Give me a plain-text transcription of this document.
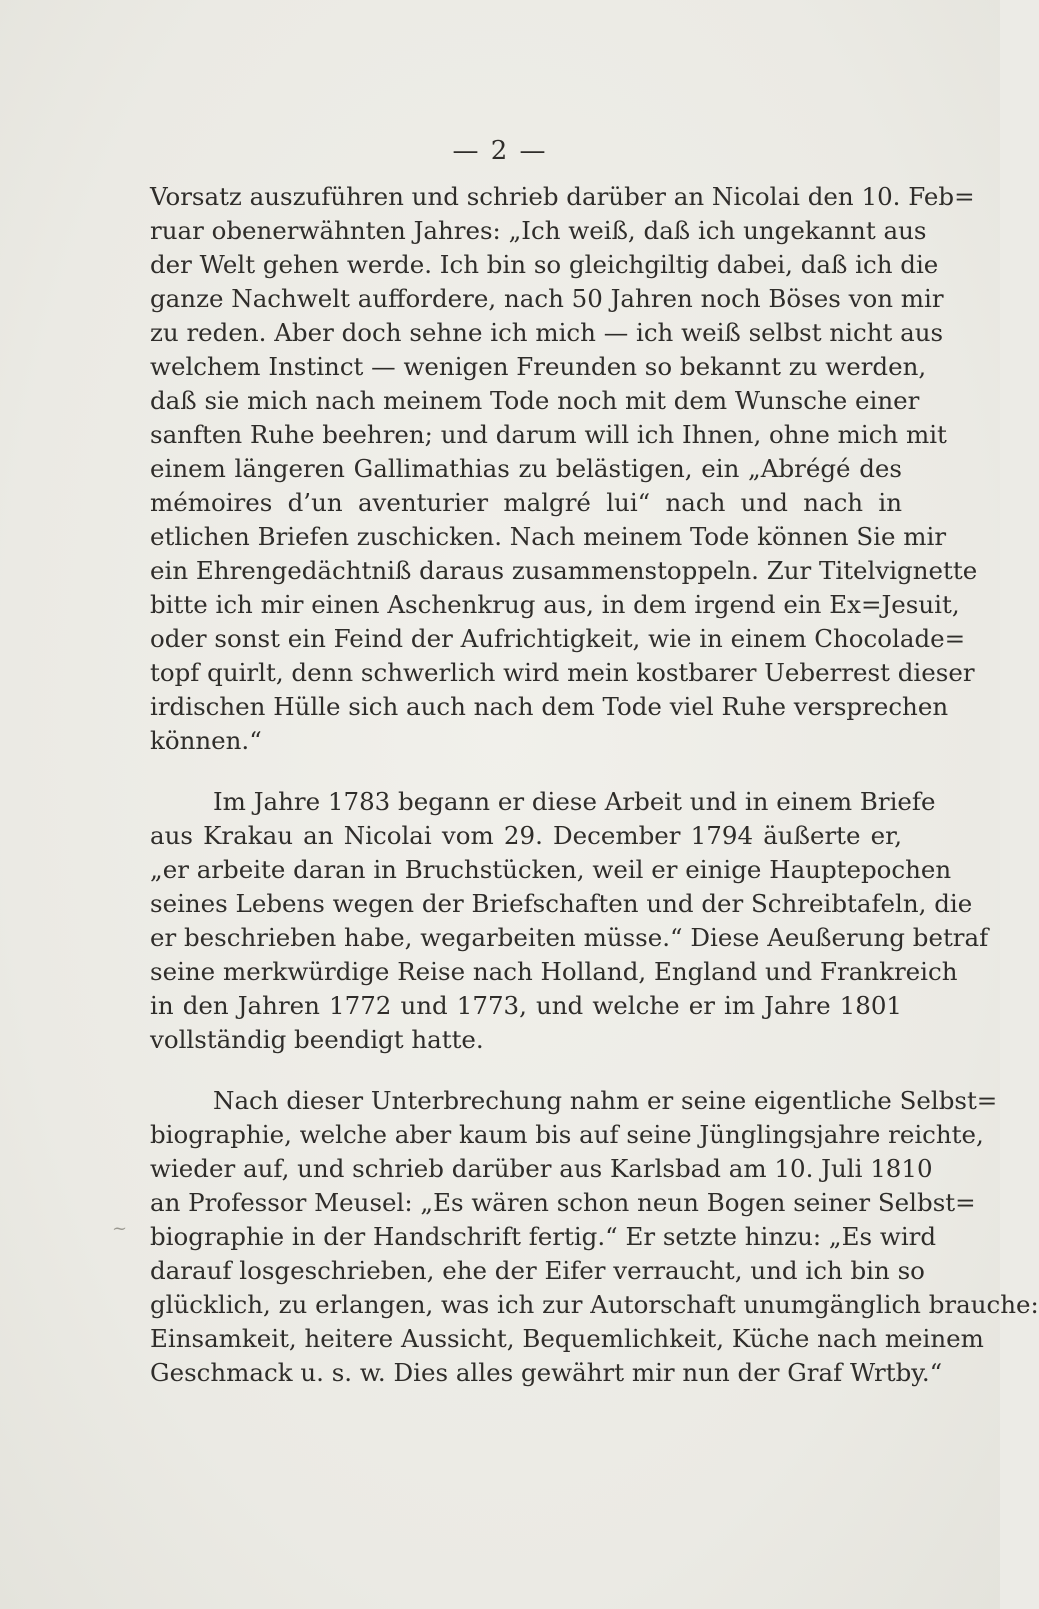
— 2 —
~
Vorsatz auszuführen und schrieb darüber an Nicolai den 10. Feb=
ruar obenerwähnten Jahres: „Ich weiß, daß ich ungekannt aus
der Welt gehen werde. Ich bin so gleichgiltig dabei, daß ich die
ganze Nachwelt auffordere, nach 50 Jahren noch Böses von mir
zu reden. Aber doch sehne ich mich — ich weiß selbst nicht aus
welchem Instinct — wenigen Freunden so bekannt zu werden,
daß sie mich nach meinem Tode noch mit dem Wunsche einer
sanften Ruhe beehren; und darum will ich Ihnen, ohne mich mit
einem längeren Gallimathias zu belästigen, ein „Abrégé des
mémoires d’un aventurier malgré lui“ nach und nach in
etlichen Briefen zuschicken. Nach meinem Tode können Sie mir
ein Ehrengedächtniß daraus zusammenstoppeln. Zur Titelvignette
bitte ich mir einen Aschenkrug aus, in dem irgend ein Ex=Jesuit,
oder sonst ein Feind der Aufrichtigkeit, wie in einem Chocolade=
topf quirlt, denn schwerlich wird mein kostbarer Ueberrest dieser
irdischen Hülle sich auch nach dem Tode viel Ruhe versprechen
können.“
Im Jahre 1783 begann er diese Arbeit und in einem Briefe
aus Krakau an Nicolai vom 29. December 1794 äußerte er,
„er arbeite daran in Bruchstücken, weil er einige Hauptepochen
seines Lebens wegen der Briefschaften und der Schreibtafeln, die
er beschrieben habe, wegarbeiten müsse.“ Diese Aeußerung betraf
seine merkwürdige Reise nach Holland, England und Frankreich
in den Jahren 1772 und 1773, und welche er im Jahre 1801
vollständig beendigt hatte.
Nach dieser Unterbrechung nahm er seine eigentliche Selbst=
biographie, welche aber kaum bis auf seine Jünglingsjahre reichte,
wieder auf, und schrieb darüber aus Karlsbad am 10. Juli 1810
an Professor Meusel: „Es wären schon neun Bogen seiner Selbst=
biographie in der Handschrift fertig.“ Er setzte hinzu: „Es wird
darauf losgeschrieben, ehe der Eifer verraucht, und ich bin so
glücklich, zu erlangen, was ich zur Autorschaft unumgänglich brauche:
Einsamkeit, heitere Aussicht, Bequemlichkeit, Küche nach meinem
Geschmack u. s. w. Dies alles gewährt mir nun der Graf Wrtby.“
